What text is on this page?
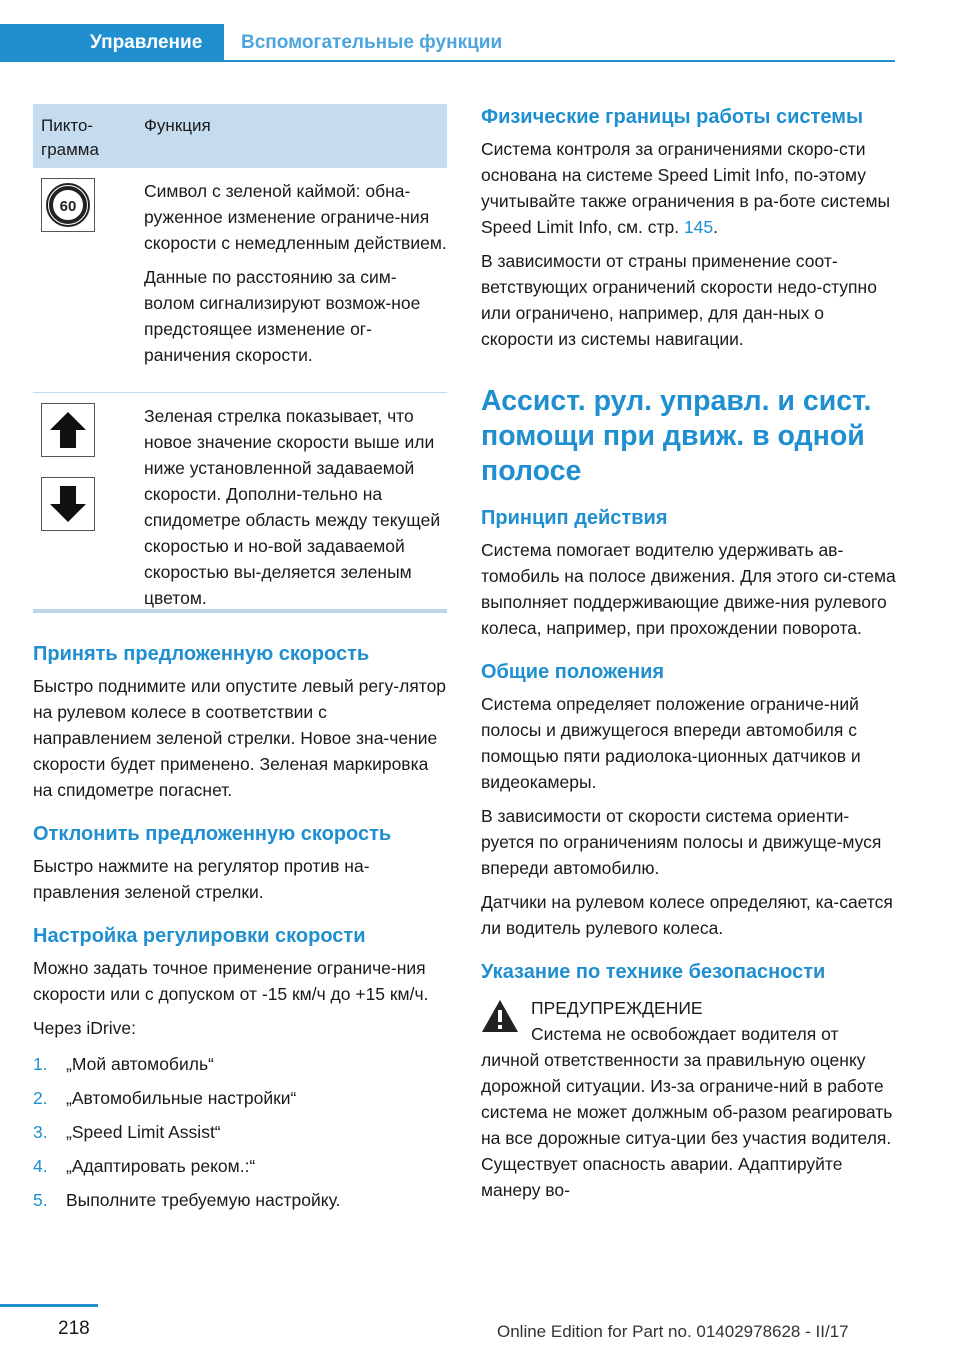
Управление Вспомогательные функции
Пикто-
грамма
Функция
60

Символ с зеленой каймой: обна-руженное изменение ограниче-ния скорости с немедленным действием.

Данные по расстоянию за сим-волом сигнализируют возмож-ное предстоящее изменение ог-раничения скорости.

Зеленая стрелка показывает, что новое значение скорости выше или ниже установленной задаваемой скорости. Дополни-тельно на спидометре область между текущей скоростью и но-вой задаваемой скоростью вы-деляется зеленым цветом.

Принять предложенную скорость

Быстро поднимите или опустите левый регу-лятор на рулевом колесе в соответствии с направлением зеленой стрелки. Новое зна-чение скорости будет применено. Зеленая маркировка на спидометре погаснет.

Отклонить предложенную скорость

Быстро нажмите на регулятор против на-правления зеленой стрелки.

Настройка регулировки скорости

Можно задать точное применение ограниче-ния скорости или с допуском от -15 км/ч до +15 км/ч.

Через iDrive:

1. „Мой автомобиль“
2. „Автомобильные настройки“
3. „Speed Limit Assist“
4. „Адаптировать реком.:“
5. Выполните требуемую настройку.
Физические границы работы системы

Система контроля за ограничениями скоро-сти основана на системе Speed Limit Info, по-этому учитывайте также ограничения в ра-боте системы Speed Limit Info, см. стр. 145.

В зависимости от страны применение соот-ветствующих ограничений скорости недо-ступно или ограничено, например, для дан-ных о скорости из системы навигации.

Ассист. рул. управл. и сист. помощи при движ. в одной полосе
Принцип действия

Система помогает водителю удерживать ав-томобиль на полосе движения. Для этого си-стема выполняет поддерживающие движе-ния рулевого колеса, например, при прохождении поворота.

Общие положения

Система определяет положение ограниче-ний полосы и движущегося впереди автомобиля с помощью пяти радиолока-ционных датчиков и видеокамеры.

В зависимости от скорости система ориенти-руется по ограничениям полосы и движуще-муся впереди автомобилю.

Датчики на рулевом колесе определяют, ка-сается ли водитель рулевого колеса.

Указание по технике безопасности

ПРЕДУПРЕЖДЕНИЕ

Система не освобождает водителя от личной ответственности за правильную оценку дорожной ситуации. Из-за ограниче-ний в работе система не может должным об-разом реагировать на все дорожные ситуа-ции без участия водителя. Существует опасность аварии. Адаптируйте манеру во-

218	Online Edition for Part no. 01402978628 - II/17
